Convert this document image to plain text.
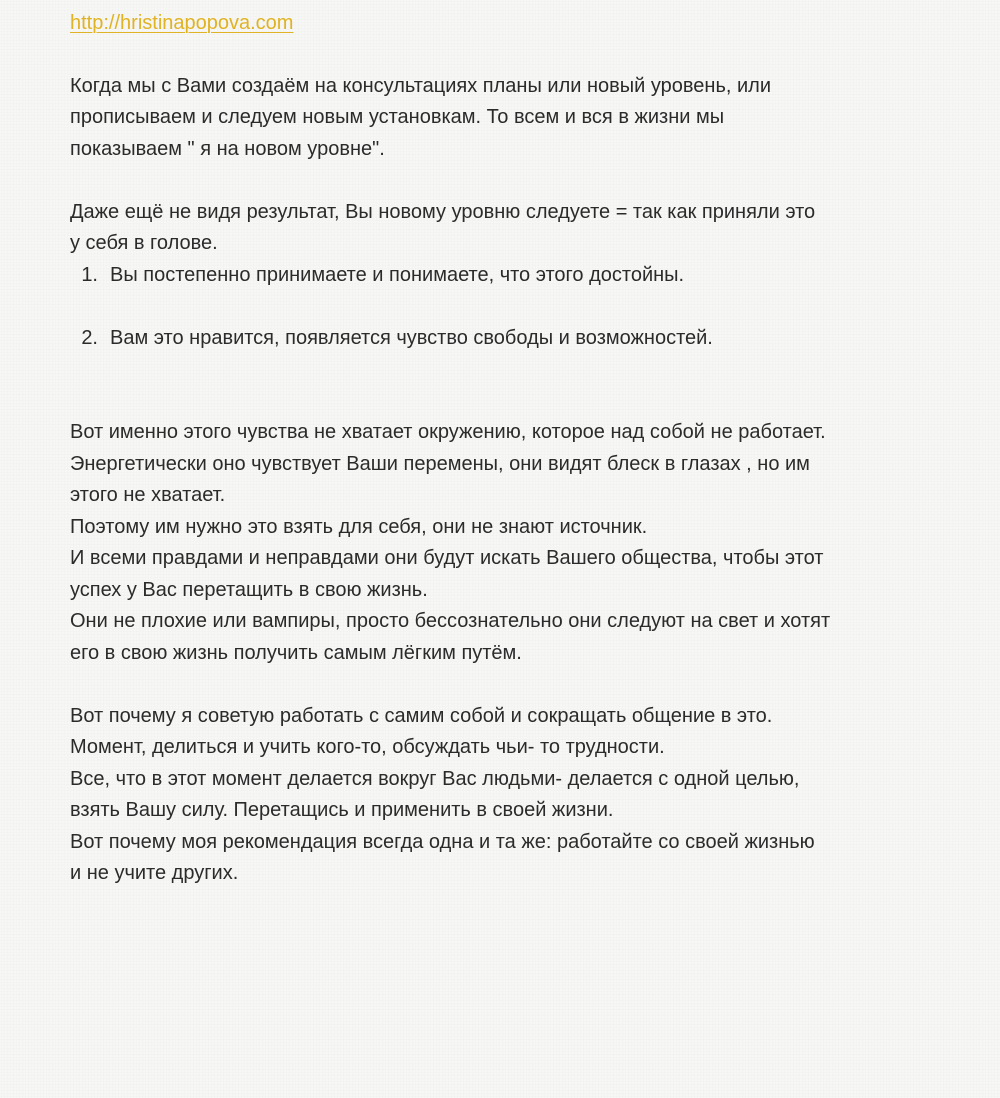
http://hristinapopova.com

Когда мы с Вами создаём на консультациях планы или новый уровень, или
прописываем и следуем новым установкам. То всем и вся в жизни мы
показываем " я на новом уровне".

Даже ещё не видя результат, Вы новому уровню следуете = так как приняли это
у себя в голове.

1. Вы постепенно принимаете и понимаете, что этого достойны.
2. Вам это нравится, появляется чувство свободы и возможностей.

Вот именно этого чувства не хватает окружению, которое над собой не работает.
Энергетически оно чувствует Ваши перемены, они видят блеск в глазах , но им
этого не хватает.
Поэтому им нужно это взять для себя, они не знают источник.
И всеми правдами и неправдами они будут искать Вашего общества, чтобы этот
успех у Вас перетащить в свою жизнь.
Они не плохие или вампиры, просто бессознательно они следуют на свет и хотят
его в свою жизнь получить самым лёгким путём.

Вот почему я советую работать с самим собой и сокращать общение в это.
Момент, делиться и учить кого-то, обсуждать чьи- то трудности.
Все, что в этот момент делается вокруг Вас людьми- делается с одной целью,
взять Вашу силу. Перетащись и применить в своей жизни.
Вот почему моя рекомендация всегда одна и та же: работайте со своей жизнью
и не учите других.
